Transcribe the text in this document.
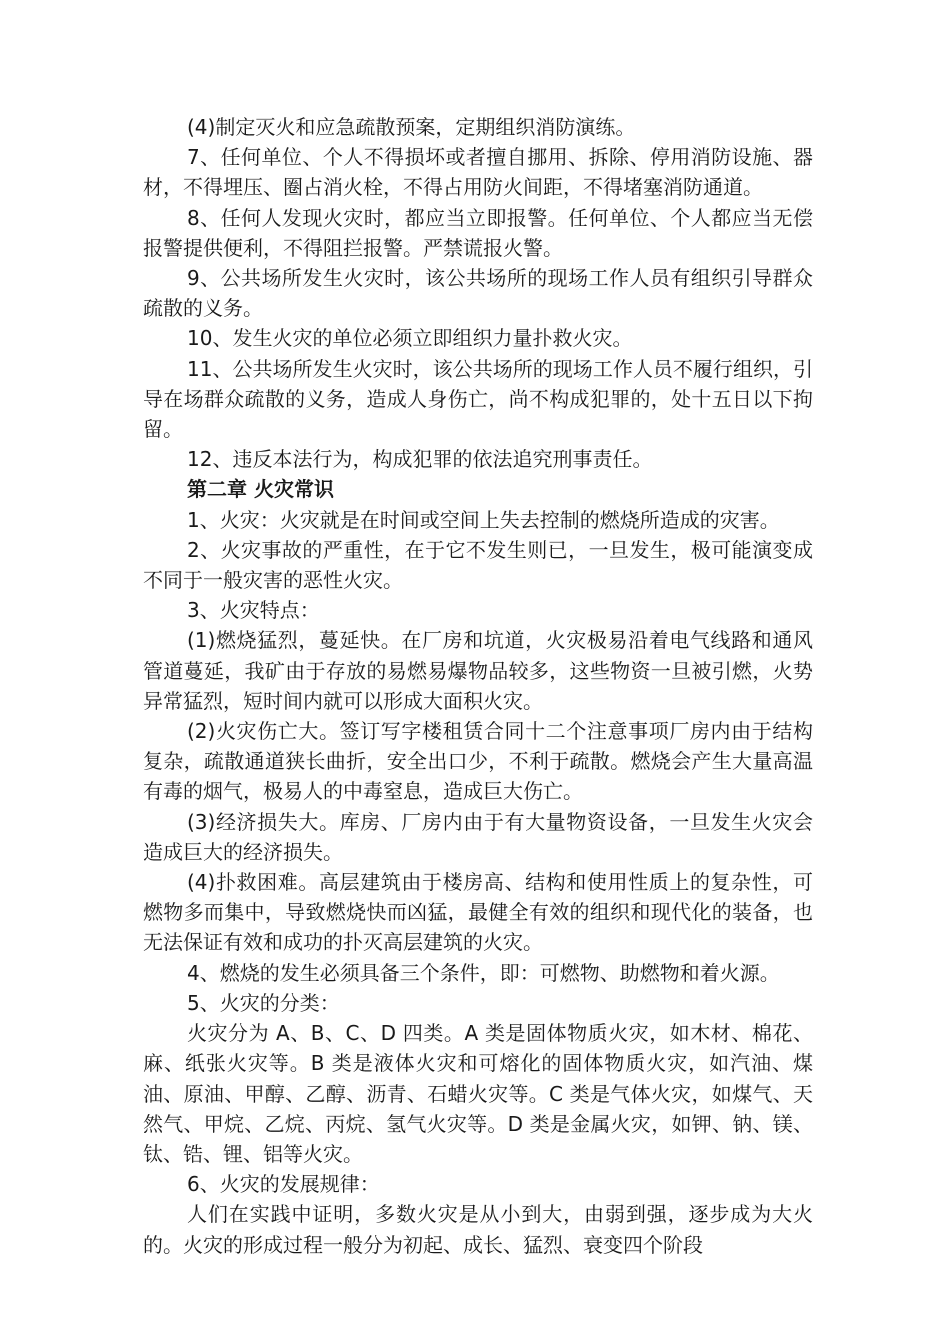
(4)制定灭火和应急疏散预案，定期组织消防演练。

7、任何单位、个人不得损坏或者擅自挪用、拆除、停用消防设施、器材，不得埋压、圈占消火栓，不得占用防火间距，不得堵塞消防通道。

8、任何人发现火灾时，都应当立即报警。任何单位、个人都应当无偿报警提供便利，不得阻拦报警。严禁谎报火警。

9、公共场所发生火灾时，该公共场所的现场工作人员有组织引导群众疏散的义务。

10、发生火灾的单位必须立即组织力量扑救火灾。

11、公共场所发生火灾时，该公共场所的现场工作人员不履行组织，引导在场群众疏散的义务，造成人身伤亡，尚不构成犯罪的，处十五日以下拘留。

12、违反本法行为，构成犯罪的依法追究刑事责任。

第二章 火灾常识

1、火灾：火灾就是在时间或空间上失去控制的燃烧所造成的灾害。

2、火灾事故的严重性，在于它不发生则已，一旦发生，极可能演变成不同于一般灾害的恶性火灾。

3、火灾特点：

(1)燃烧猛烈，蔓延快。在厂房和坑道，火灾极易沿着电气线路和通风管道蔓延，我矿由于存放的易燃易爆物品较多，这些物资一旦被引燃，火势异常猛烈，短时间内就可以形成大面积火灾。

(2)火灾伤亡大。签订写字楼租赁合同十二个注意事项厂房内由于结构复杂，疏散通道狭长曲折，安全出口少，不利于疏散。燃烧会产生大量高温有毒的烟气，极易人的中毒窒息，造成巨大伤亡。

(3)经济损失大。库房、厂房内由于有大量物资设备，一旦发生火灾会造成巨大的经济损失。

(4)扑救困难。高层建筑由于楼房高、结构和使用性质上的复杂性，可燃物多而集中，导致燃烧快而凶猛，最健全有效的组织和现代化的装备，也无法保证有效和成功的扑灭高层建筑的火灾。

4、燃烧的发生必须具备三个条件，即：可燃物、助燃物和着火源。

5、火灾的分类：

火灾分为 A、B、C、D 四类。A 类是固体物质火灾，如木材、棉花、麻、纸张火灾等。B 类是液体火灾和可熔化的固体物质火灾，如汽油、煤油、原油、甲醇、乙醇、沥青、石蜡火灾等。C 类是气体火灾，如煤气、天然气、甲烷、乙烷、丙烷、氢气火灾等。D 类是金属火灾，如钾、钠、镁、钛、锆、锂、铝等火灾。

6、火灾的发展规律：

人们在实践中证明，多数火灾是从小到大，由弱到强，逐步成为大火的。火灾的形成过程一般分为初起、成长、猛烈、衰变四个阶段
